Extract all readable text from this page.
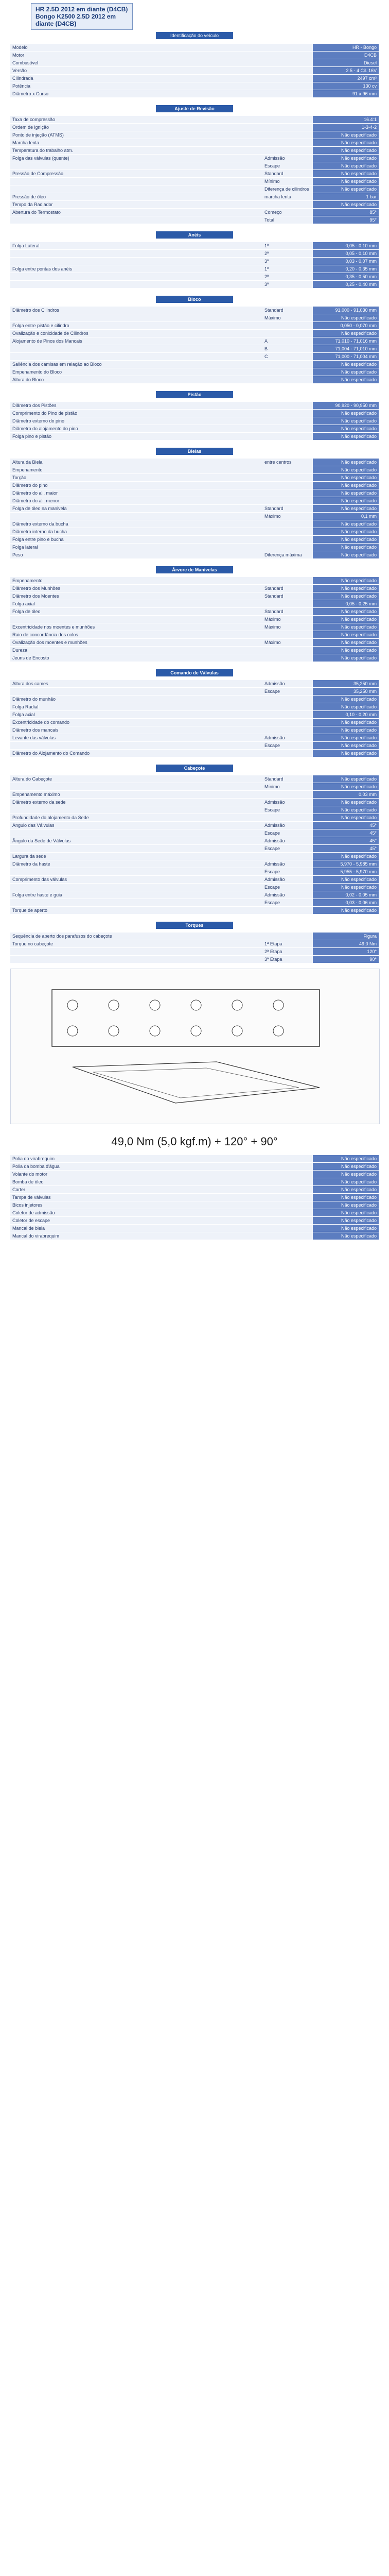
HR 2.5D 2012 em diante (D4CB)
Bongo K2500 2.5D 2012 em diante (D4CB)
Identificação do veículo
Modelo		HR - Bongo
Motor		D4CB
Combustível		Diesel
Versão		2.5 - 4 Cil. 16V
Cilindrada		2497 cm³
Potência		130 cv
Diâmetro x Curso		91 x 96 mm
Ajuste de Revisão
Taxa de compressão		16.4:1
Ordem de ignição		1-3-4-2
Ponto de injeção (ATMS)		Não especificado
Marcha lenta		Não especificado
Temperatura do trabalho atm.		Não especificado
Folga das válvulas (quente)	Admissão	Não especificado
	Escape	Não especificado
Pressão de Compressão	Standard	Não especificado
	Mínimo	Não especificado
	Diferença de cilindros	Não especificado
Pressão de óleo	marcha lenta	1 bar
Tempo da Radiador		Não especificado
Abertura do Termostato	Começo	85°
	Total	95°
Anéis
Folga Lateral	1º	0,05 - 0,10 mm
	2º	0,05 - 0,10 mm
	3º	0,03 - 0,07 mm
Folga entre pontas dos anéis	1º	0,20 - 0,35 mm
	2º	0,35 - 0,50 mm
	3º	0,25 - 0,40 mm
Bloco
Diâmetro dos Cilindros	Standard	91,000 - 91,030 mm
	Máximo	Não especificado
Folga entre pistão e cilindro		0,050 - 0,070 mm
Ovalização e conicidade de Cilindros		Não especificado
Alojamento de Pinos dos Mancais	A	71,010 - 71,016 mm
	B	71,004 - 71,010 mm
	C	71,000 - 71,004 mm
Saliência dos camisas em relação ao Bloco		Não especificado
Empenamento do Bloco		Não especificado
Altura do Bloco		Não especificado
Pistão
Diâmetro dos Pistões		90,920 - 90,950 mm
Comprimento do Pino de pistão		Não especificado
Diâmetro externo do pino		Não especificado
Diâmetro do alojamento do pino		Não especificado
Folga pino e pistão		Não especificado
Bielas
Altura da Biela	entre centros	Não especificado
Empenamento		Não especificado
Torção		Não especificado
Diâmetro do pino		Não especificado
Diâmetro do ali. maior		Não especificado
Diâmetro do ali. menor		Não especificado
Folga de óleo na manivela	Standard	Não especificado
	Máximo	0,1 mm
Diâmetro externo da bucha		Não especificado
Diâmetro interno da bucha		Não especificado
Folga entre pino e bucha		Não especificado
Folga lateral		Não especificado
Peso	Diferença máxima	Não especificado
Árvore de Manivelas
Empenamento		Não especificado
Diâmetro dos Munhões	Standard	Não especificado
Diâmetro dos Moentes	Standard	Não especificado
Folga axial		0,05 - 0,25 mm
Folga de óleo	Standard	Não especificado
	Máximo	Não especificado
Excentricidade nos moentes e munhões	Máximo	Não especificado
Raio de concordância dos colos		Não especificado
Ovalização dos moentes e munhões	Máximo	Não especificado
Dureza		Não especificado
Jeuns de Encosto		Não especificado
Comando de Válvulas
Altura dos cames	Admissão	35,250 mm
	Escape	35,250 mm
Diâmetro do munhão		Não especificado
Folga Radial		Não especificado
Folga axial		0,10 - 0,20 mm
Excentricidade do comando		Não especificado
Diâmetro dos mancais		Não especificado
Levante das válvulas	Admissão	Não especificado
	Escape	Não especificado
Diâmetro do Alojamento do Comando		Não especificado
Cabeçote
Altura do Cabeçote	Standard	Não especificado
	Mínimo	Não especificado
Empenamento máximo		0,03 mm
Diâmetro externo da sede	Admissão	Não especificado
	Escape	Não especificado
Profundidade do alojamento da Sede		Não especificado
Ângulo das Válvulas	Admissão	45°
	Escape	45°
Ângulo da Sede de Válvulas	Admissão	45°
	Escape	45°
Largura da sede		Não especificado
Diâmetro da haste	Admissão	5,970 - 5,985 mm
	Escape	5,955 - 5,970 mm
Comprimento das válvulas	Admissão	Não especificado
	Escape	Não especificado
Folga entre haste e guia	Admissão	0,02 - 0,05 mm
	Escape	0,03 - 0,06 mm
Torque de aperto		Não especificado
Torques
Sequência de aperto dos parafusos do cabeçote		Figura
Torque no cabeçote	1ª Etapa	49,0 Nm
	2ª Etapa	120°
	3ª Etapa	90°
49,0 Nm (5,0 kgf.m) + 120° + 90°
Polia do virabrequim		Não especificado
Polia da bomba d'água		Não especificado
Volante do motor		Não especificado
Bomba de óleo		Não especificado
Carter		Não especificado
Tampa de válvulas		Não especificado
Bicos injetores		Não especificado
Coletor de admissão		Não especificado
Coletor de escape		Não especificado
Mancal de biela		Não especificado
Mancal do virabrequim		Não especificado
